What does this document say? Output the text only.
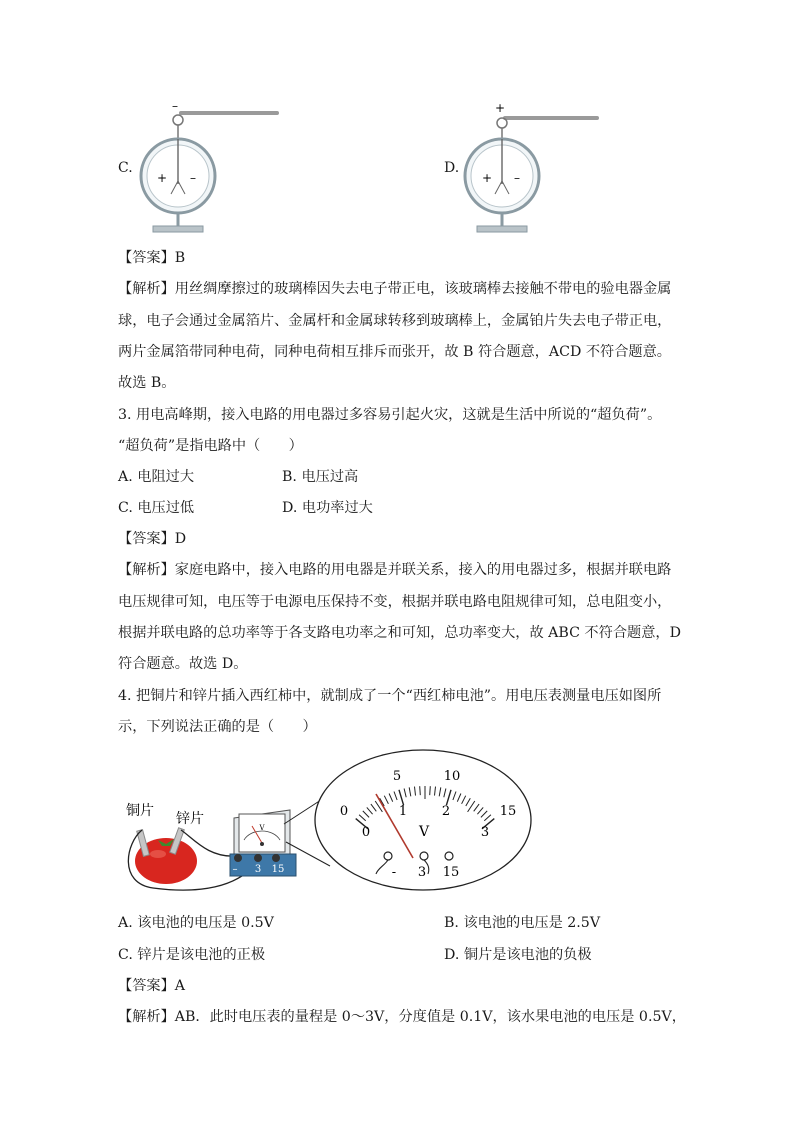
C.
–
+ –
D.
+
+ –
【答案】B
【解析】用丝绸摩擦过的玻璃棒因失去电子带正电，该玻璃棒去接触不带电的验电器金属
球，电子会通过金属箔片、金属杆和金属球转移到玻璃棒上，金属铂片失去电子带正电，
两片金属箔带同种电荷，同种电荷相互排斥而张开，故 B 符合题意，ACD 不符合题意。
故选 B。
3. 用电高峰期，接入电路的用电器过多容易引起火灾，这就是生活中所说的“超负荷”。
“超负荷”是指电路中（　　）
A. 电阻过大	B. 电压过高
C. 电压过低	D. 电功率过大
【答案】D
【解析】家庭电路中，接入电路的用电器是并联关系，接入的用电器过多，根据并联电路
电压规律可知，电压等于电源电压保持不变，根据并联电路电阻规律可知，总电阻变小，
根据并联电路的总功率等于各支路电功率之和可知，总功率变大，故 ABC 不符合题意，D
符合题意。故选 D。
4. 把铜片和锌片插入西红柿中，就制成了一个“西红柿电池”。用电压表测量电压如图所
示，下列说法正确的是（　　）
铜片 锌片
V
– 3 15
0
5	10
15
0
1	2
3
V
- 3 15
A. 该电池的电压是 0.5V	B. 该电池的电压是 2.5V
C. 锌片是该电池的正极	D. 铜片是该电池的负极
【答案】A
【解析】AB．此时电压表的量程是 0～3V，分度值是 0.1V，该水果电池的电压是 0.5V，
